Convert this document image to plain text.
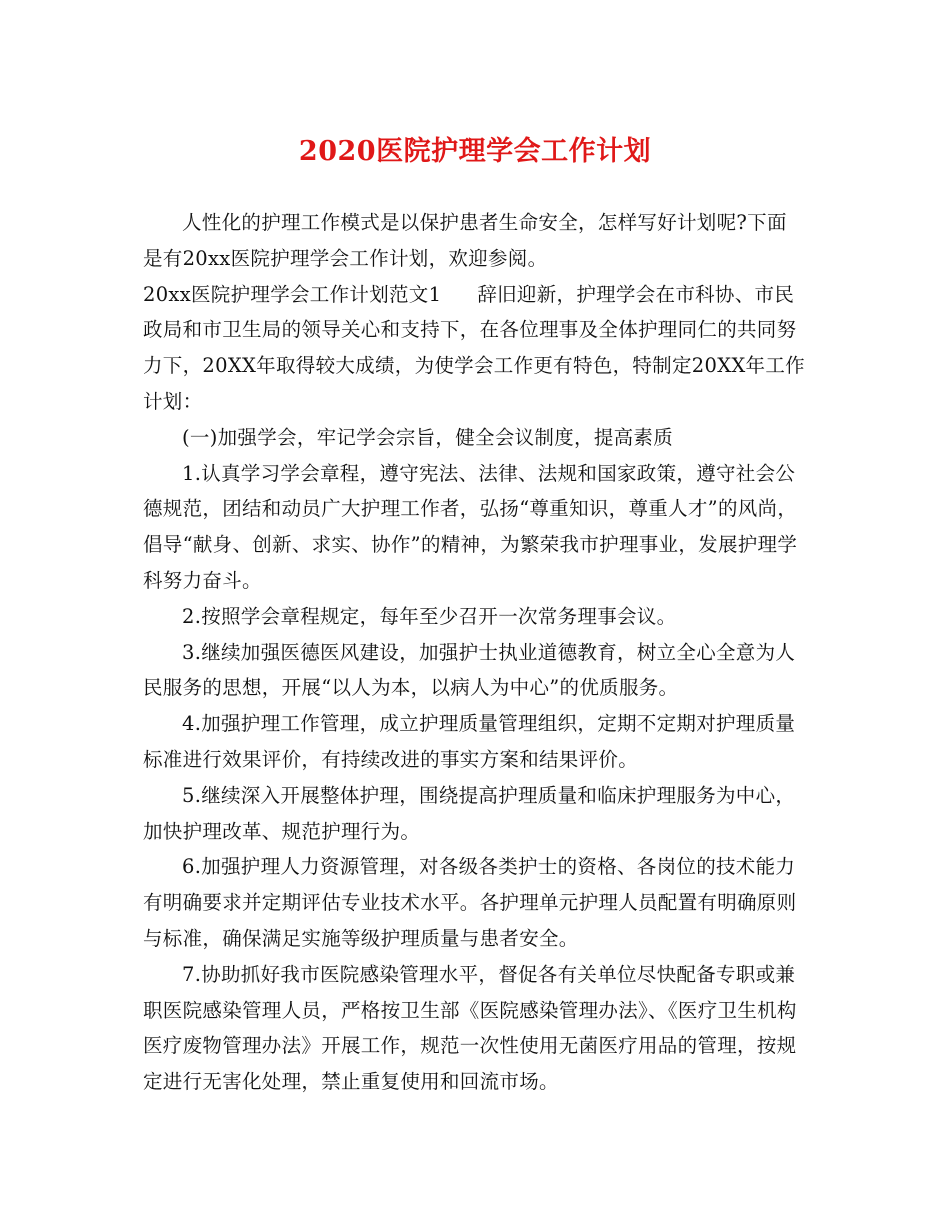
2020医院护理学会工作计划

人性化的护理工作模式是以保护患者生命安全，怎样写好计划呢?下面是有20xx医院护理学会工作计划，欢迎参阅。

20xx医院护理学会工作计划范文1 辞旧迎新，护理学会在市科协、市民政局和市卫生局的领导关心和支持下，在各位理事及全体护理同仁的共同努力下，20XX年取得较大成绩，为使学会工作更有特色，特制定20XX年工作计划：

(一)加强学会，牢记学会宗旨，健全会议制度，提高素质

1.认真学习学会章程，遵守宪法、法律、法规和国家政策，遵守社会公德规范，团结和动员广大护理工作者，弘扬“尊重知识，尊重人才”的风尚，倡导“献身、创新、求实、协作”的精神，为繁荣我市护理事业，发展护理学科努力奋斗。

2.按照学会章程规定，每年至少召开一次常务理事会议。

3.继续加强医德医风建设，加强护士执业道德教育，树立全心全意为人民服务的思想，开展“以人为本，以病人为中心”的优质服务。

4.加强护理工作管理，成立护理质量管理组织，定期不定期对护理质量标准进行效果评价，有持续改进的事实方案和结果评价。

5.继续深入开展整体护理，围绕提高护理质量和临床护理服务为中心，加快护理改革、规范护理行为。

6.加强护理人力资源管理，对各级各类护士的资格、各岗位的技术能力有明确要求并定期评估专业技术水平。各护理单元护理人员配置有明确原则与标准，确保满足实施等级护理质量与患者安全。

7.协助抓好我市医院感染管理水平，督促各有关单位尽快配备专职或兼职医院感染管理人员，严格按卫生部《医院感染管理办法》、《医疗卫生机构医疗废物管理办法》开展工作，规范一次性使用无菌医疗用品的管理，按规定进行无害化处理，禁止重复使用和回流市场。
